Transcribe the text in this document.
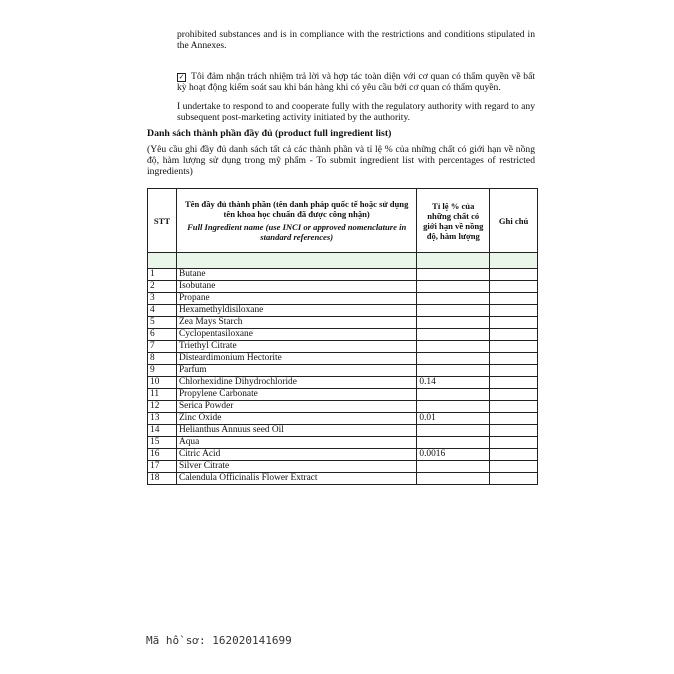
prohibited substances and is in compliance with the restrictions and conditions stipulated in the Annexes.

✓ Tôi đảm nhận trách nhiệm trả lời và hợp tác toàn diện với cơ quan có thẩm quyền về bất kỳ hoạt động kiểm soát sau khi bán hàng khi có yêu cầu bởi cơ quan có thẩm quyền.

I undertake to respond to and cooperate fully with the regulatory authority with regard to any subsequent post-marketing activity initiated by the authority.

Danh sách thành phần đầy đủ (product full ingredient list)

(Yêu cầu ghi đầy đủ danh sách tất cả các thành phần và tỉ lệ % của những chất có giới hạn về nồng độ, hàm lượng sử dụng trong mỹ phẩm - To submit ingredient list with percentages of restricted ingredients)

STT	Tên đầy đủ thành phần (tên danh pháp quốc tế hoặc sử dụng tên khoa học chuẩn đã được công nhận)
Full Ingredient name (use INCI or approved nomenclature in standard references)	Tỉ lệ % của những chất có giới hạn về nồng độ, hàm lượng	Ghi chú

1	Butane		
2	Isobutane		
3	Propane		
4	Hexamethyldisiloxane		
5	Zea Mays Starch		
6	Cyclopentasiloxane		
7	Triethyl Citrate		
8	Disteardimonium Hectorite		
9	Parfum		
10	Chlorhexidine Dihydrochloride	0.14	
11	Propylene Carbonate		
12	Serica Powder		
13	Zinc Oxide	0.01	
14	Helianthus Annuus seed Oil		
15	Aqua		
16	Citric Acid	0.0016	
17	Silver Citrate		
18	Calendula Officinalis Flower Extract		

Mã hồ sơ: 162020141699
